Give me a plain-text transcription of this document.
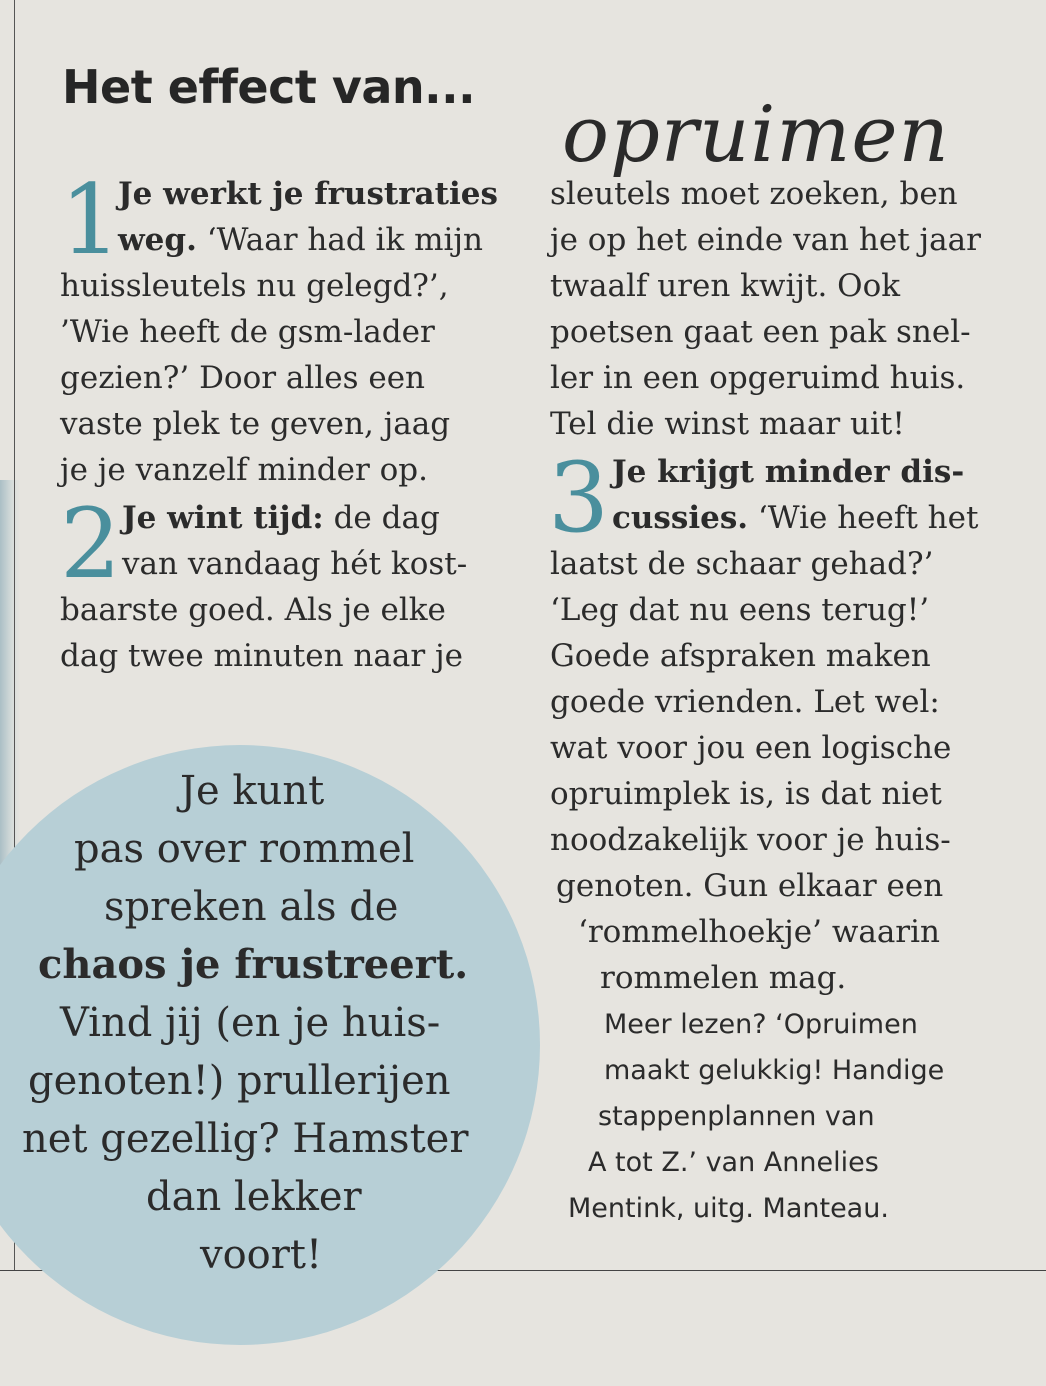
Het effect van...
opruimen
1
Je werkt je frustraties
weg. ‘Waar had ik mijn
huissleutels nu gelegd?’,
’Wie heeft de gsm-lader
gezien?’ Door alles een
vaste plek te geven, jaag
je je vanzelf minder op.
2 Je wint tijd: de dag
van vandaag hét kost-
baarste goed. Als je elke
dag twee minuten naar je
sleutels moet zoeken, ben
je op het einde van het jaar
twaalf uren kwijt. Ook
poetsen gaat een pak snel-
ler in een opgeruimd huis.
Tel die winst maar uit!
3 Je krijgt minder dis-
cussies. ‘Wie heeft het
laatst de schaar gehad?’
‘Leg dat nu eens terug!’
Goede afspraken maken
goede vrienden. Let wel:
wat voor jou een logische
opruimplek is, is dat niet
noodzakelijk voor je huis-
genoten. Gun elkaar een
‘rommelhoekje’ waarin
rommelen mag.
Meer lezen? ‘Opruimen
maakt gelukkig! Handige
stappenplannen van
A tot Z.’ van Annelies
Mentink, uitg. Manteau.
Je kunt
pas over rommel
spreken als de
chaos je frustreert.
Vind jij (en je huis-
genoten!) prullerijen
net gezellig? Hamster
dan lekker
voort!
